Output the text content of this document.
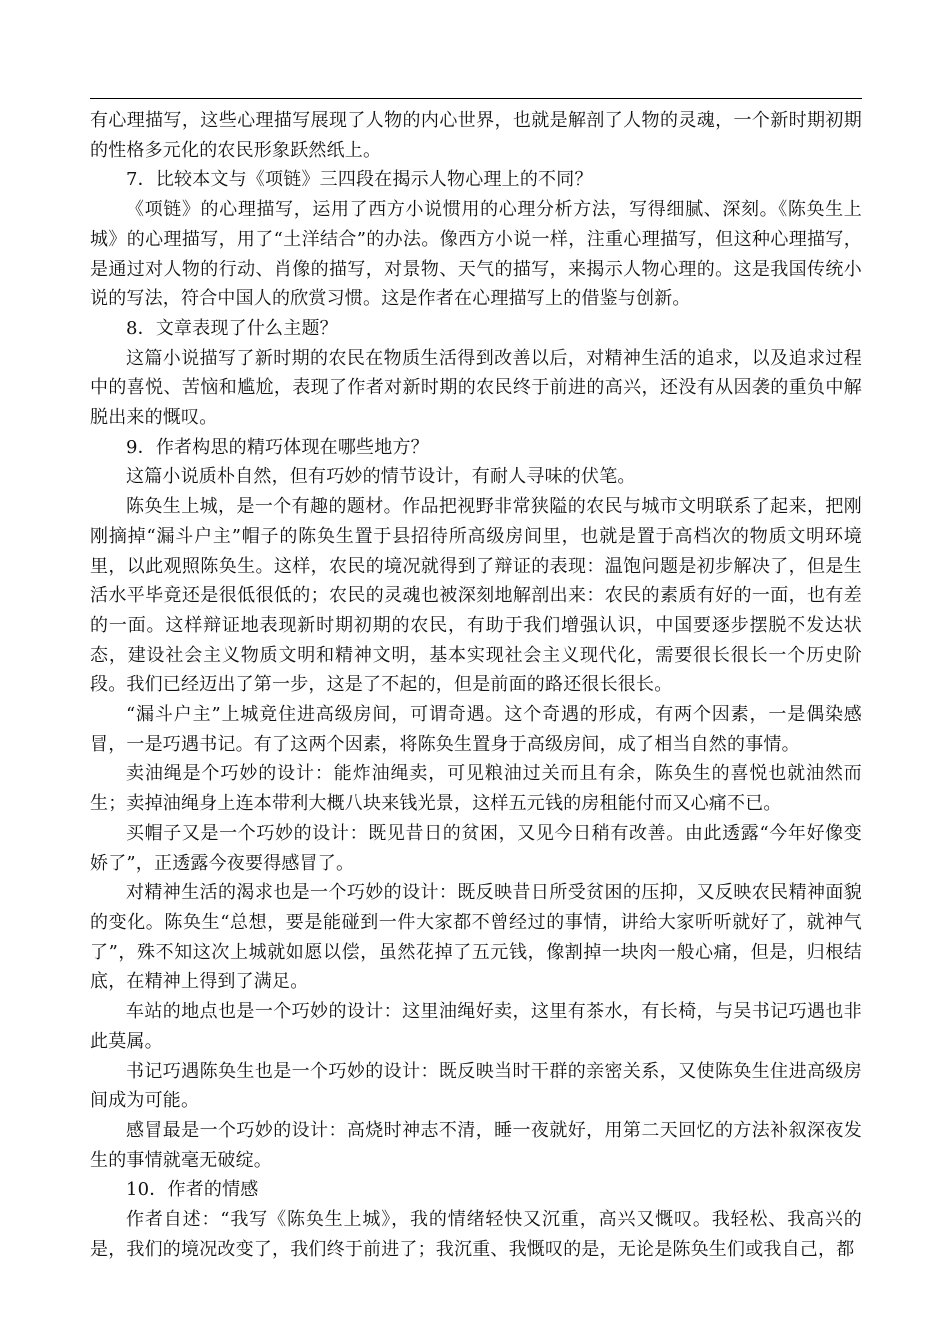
有心理描写，这些心理描写展现了人物的内心世界，也就是解剖了人物的灵魂，一个新时期初期的性格多元化的农民形象跃然纸上。

7．比较本文与《项链》三四段在揭示人物心理上的不同？

《项链》的心理描写，运用了西方小说惯用的心理分析方法，写得细腻、深刻。《陈奂生上城》的心理描写，用了“土洋结合”的办法。像西方小说一样，注重心理描写，但这种心理描写，是通过对人物的行动、肖像的描写，对景物、天气的描写，来揭示人物心理的。这是我国传统小说的写法，符合中国人的欣赏习惯。这是作者在心理描写上的借鉴与创新。

8．文章表现了什么主题？

这篇小说描写了新时期的农民在物质生活得到改善以后，对精神生活的追求，以及追求过程中的喜悦、苦恼和尴尬，表现了作者对新时期的农民终于前进的高兴，还没有从因袭的重负中解脱出来的慨叹。

9．作者构思的精巧体现在哪些地方？

这篇小说质朴自然，但有巧妙的情节设计，有耐人寻味的伏笔。

陈奂生上城，是一个有趣的题材。作品把视野非常狭隘的农民与城市文明联系了起来，把刚刚摘掉“漏斗户主”帽子的陈奂生置于县招待所高级房间里，也就是置于高档次的物质文明环境里，以此观照陈奂生。这样，农民的境况就得到了辩证的表现：温饱问题是初步解决了，但是生活水平毕竟还是很低很低的；农民的灵魂也被深刻地解剖出来：农民的素质有好的一面，也有差的一面。这样辩证地表现新时期初期的农民，有助于我们增强认识，中国要逐步摆脱不发达状态，建设社会主义物质文明和精神文明，基本实现社会主义现代化，需要很长很长一个历史阶段。我们已经迈出了第一步，这是了不起的，但是前面的路还很长很长。

“漏斗户主”上城竟住进高级房间，可谓奇遇。这个奇遇的形成，有两个因素，一是偶染感冒，一是巧遇书记。有了这两个因素，将陈奂生置身于高级房间，成了相当自然的事情。

卖油绳是个巧妙的设计：能炸油绳卖，可见粮油过关而且有余，陈奂生的喜悦也就油然而生；卖掉油绳身上连本带利大概八块来钱光景，这样五元钱的房租能付而又心痛不已。

买帽子又是一个巧妙的设计：既见昔日的贫困，又见今日稍有改善。由此透露“今年好像变娇了”，正透露今夜要得感冒了。

对精神生活的渴求也是一个巧妙的设计：既反映昔日所受贫困的压抑，又反映农民精神面貌的变化。陈奂生“总想，要是能碰到一件大家都不曾经过的事情，讲给大家听听就好了，就神气了”，殊不知这次上城就如愿以偿，虽然花掉了五元钱，像割掉一块肉一般心痛，但是，归根结底，在精神上得到了满足。

车站的地点也是一个巧妙的设计：这里油绳好卖，这里有茶水，有长椅，与吴书记巧遇也非此莫属。

书记巧遇陈奂生也是一个巧妙的设计：既反映当时干群的亲密关系，又使陈奂生住进高级房间成为可能。

感冒最是一个巧妙的设计：高烧时神志不清，睡一夜就好，用第二天回忆的方法补叙深夜发生的事情就毫无破绽。

10．作者的情感

作者自述：“我写《陈奂生上城》，我的情绪轻快又沉重，高兴又慨叹。我轻松、我高兴的是，我们的境况改变了，我们终于前进了；我沉重、我慨叹的是，无论是陈奂生们或我自己，都
